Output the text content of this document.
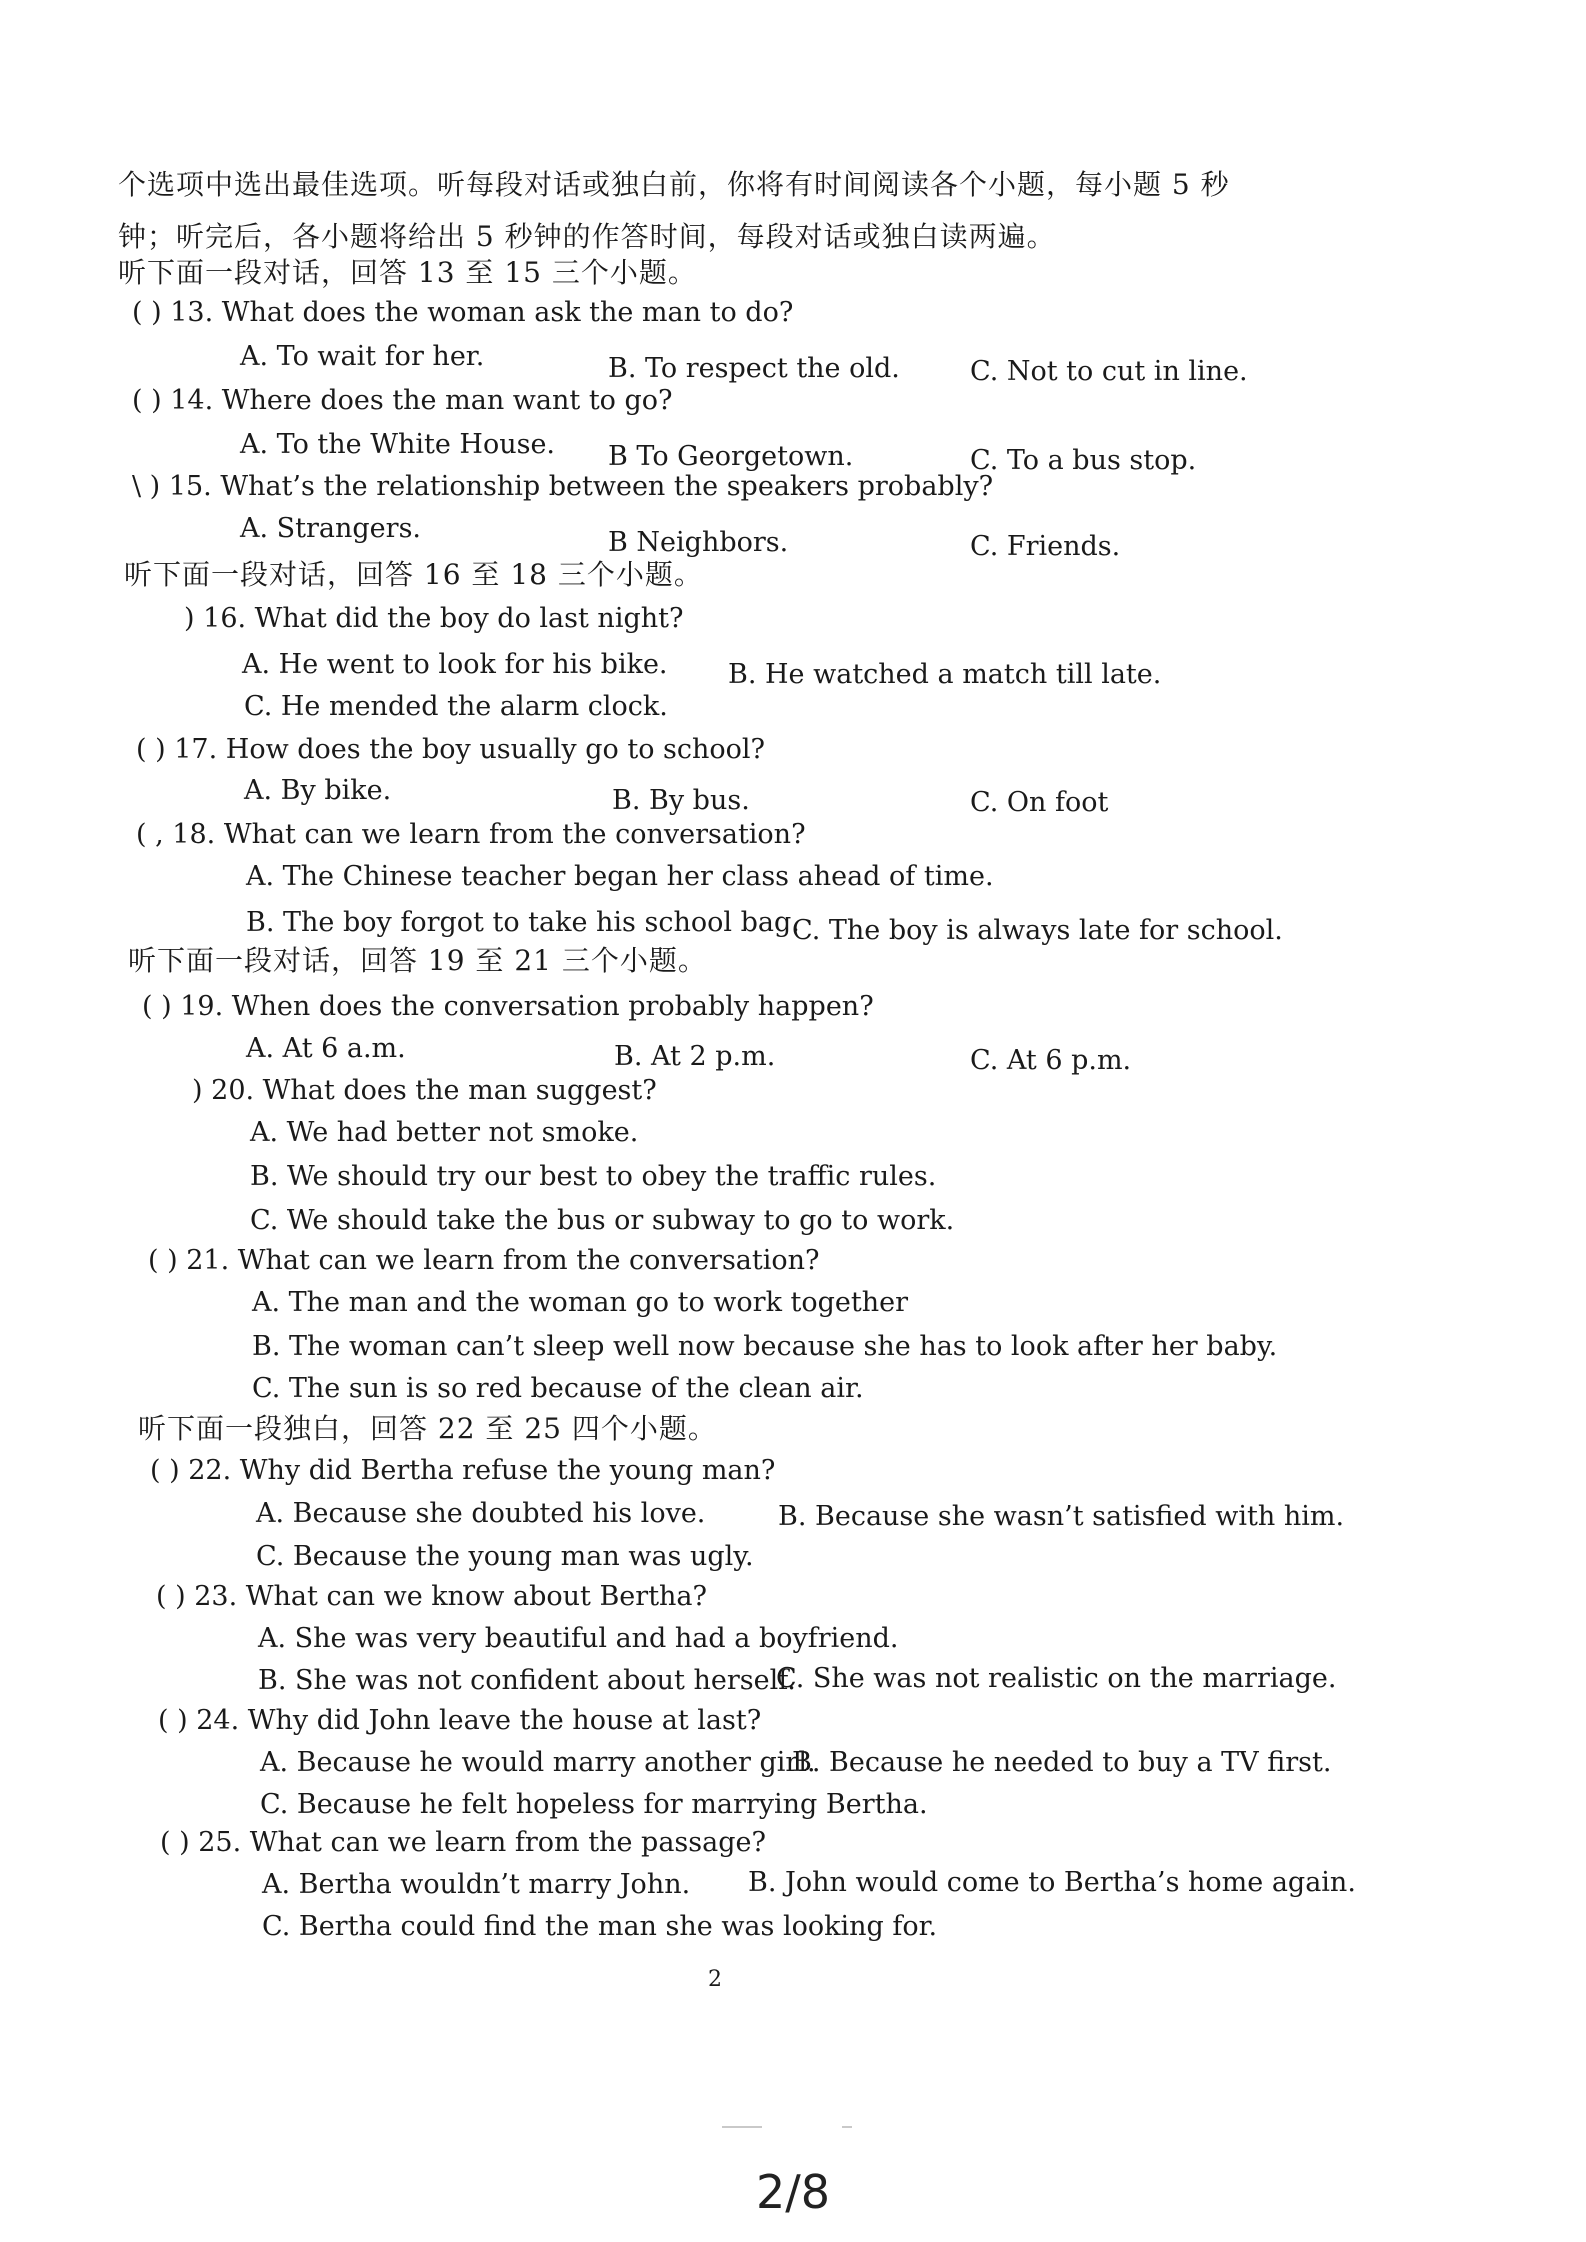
个选项中选出最佳选项。听每段对话或独白前，你将有时间阅读各个小题，每小题 5 秒
钟；听完后，各小题将给出 5 秒钟的作答时间，每段对话或独白读两遍。
听下面一段对话，回答 13 至 15 三个小题。
( ) 13. What does the woman ask the man to do?
A. To wait for her.	B. To respect the old.	C. Not to cut in line.
( ) 14. Where does the man want to go?
A. To the White House. B To Georgetown.	C. To a bus stop.
\ ) 15. What’s the relationship between the speakers probably?
A. Strangers.	B Neighbors.	C. Friends.
听下面一段对话，回答 16 至 18 三个小题。
) 16. What did the boy do last night?
A. He went to look for his bike. B. He watched a match till late.
C. He mended the alarm clock.
( ) 17. How does the boy usually go to school?
A. By bike.	B. By bus.	C. On foot
( , 18. What can we learn from the conversation?
A. The Chinese teacher began her class ahead of time.
B. The boy forgot to take his school bag.
C. The boy is always late for school.
听下面一段对话，回答 19 至 21 三个小题。
( ) 19. When does the conversation probably happen?
A. At 6 a.m.	B. At 2 p.m.	C. At 6 p.m.
) 20. What does the man suggest?
A. We had better not smoke.
B. We should try our best to obey the traffic rules.
C. We should take the bus or subway to go to work.
( ) 21. What can we learn from the conversation?
A. The man and the woman go to work together
B. The woman can’t sleep well now because she has to look after her baby.
C. The sun is so red because of the clean air.
听下面一段独白，回答 22 至 25 四个小题。
( ) 22. Why did Bertha refuse the young man?
A. Because she doubted his love.	B. Because she wasn’t satisfied with him.
C. Because the young man was ugly.
( ) 23. What can we know about Bertha?
A. She was very beautiful and had a boyfriend.
B. She was not confident about herself.
C. She was not realistic on the marriage.
( ) 24. Why did John leave the house at last?
A. Because he would marry another girl.
B. Because he needed to buy a TV first.
C. Because he felt hopeless for marrying Bertha.
( ) 25. What can we learn from the passage?
A. Bertha wouldn’t marry John. B. John would come to Bertha’s home again.
C. Bertha could find the man she was looking for.
2
2/8
